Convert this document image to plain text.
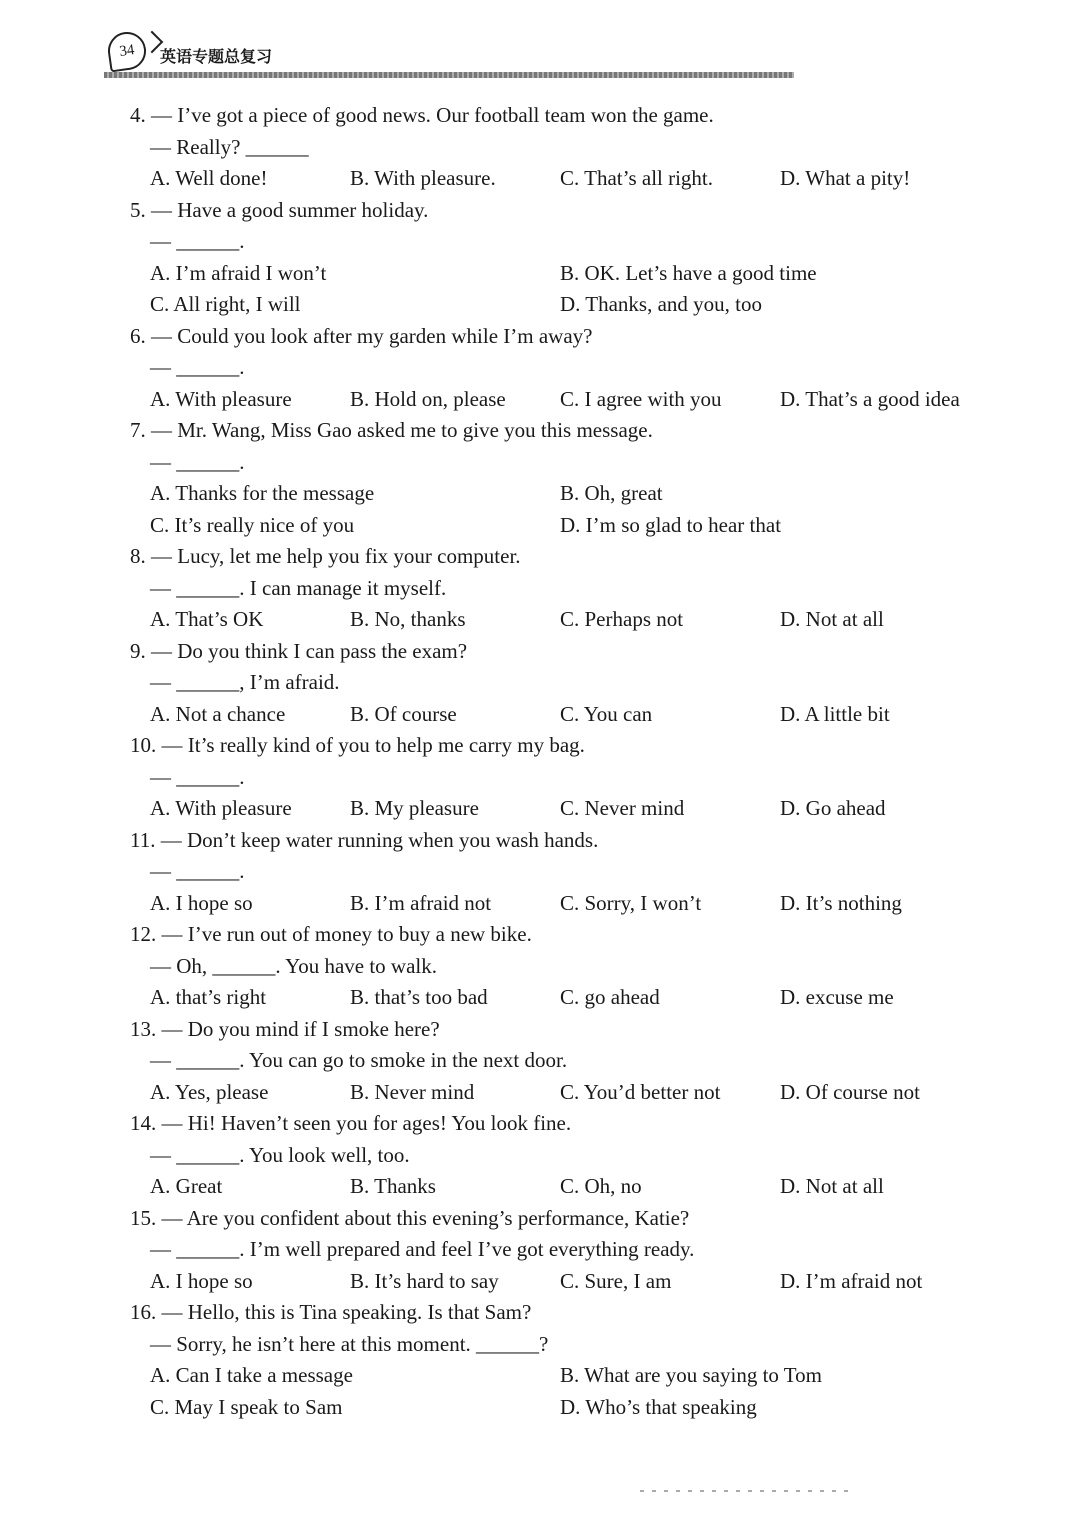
34	英语专题总复习
4. — I’ve got a piece of good news. Our football team won the game.
— Really? ______
A. Well done!	B. With pleasure.	C. That’s all right.	D. What a pity!
5. — Have a good summer holiday.
— ______.
A. I’m afraid I won’t	B. OK. Let’s have a good time
C. All right, I will	D. Thanks, and you, too
6. — Could you look after my garden while I’m away?
— ______.
A. With pleasure	B. Hold on, please	C. I agree with you	D. That’s a good idea
7. — Mr. Wang, Miss Gao asked me to give you this message.
— ______.
A. Thanks for the message	B. Oh, great
C. It’s really nice of you	D. I’m so glad to hear that
8. — Lucy, let me help you fix your computer.
— ______. I can manage it myself.
A. That’s OK	B. No, thanks	C. Perhaps not	D. Not at all
9. — Do you think I can pass the exam?
— ______, I’m afraid.
A. Not a chance	B. Of course	C. You can	D. A little bit
10. — It’s really kind of you to help me carry my bag.
— ______.
A. With pleasure	B. My pleasure	C. Never mind	D. Go ahead
11. — Don’t keep water running when you wash hands.
— ______.
A. I hope so	B. I’m afraid not	C. Sorry, I won’t	D. It’s nothing
12. — I’ve run out of money to buy a new bike.
— Oh, ______. You have to walk.
A. that’s right	B. that’s too bad	C. go ahead	D. excuse me
13. — Do you mind if I smoke here?
— ______. You can go to smoke in the next door.
A. Yes, please	B. Never mind	C. You’d better not	D. Of course not
14. — Hi! Haven’t seen you for ages! You look fine.
— ______. You look well, too.
A. Great	B. Thanks	C. Oh, no	D. Not at all
15. — Are you confident about this evening’s performance, Katie?
— ______. I’m well prepared and feel I’ve got everything ready.
A. I hope so	B. It’s hard to say	C. Sure, I am	D. I’m afraid not
16. — Hello, this is Tina speaking. Is that Sam?
— Sorry, he isn’t here at this moment. ______?
A. Can I take a message	B. What are you saying to Tom
C. May I speak to Sam	D. Who’s that speaking
